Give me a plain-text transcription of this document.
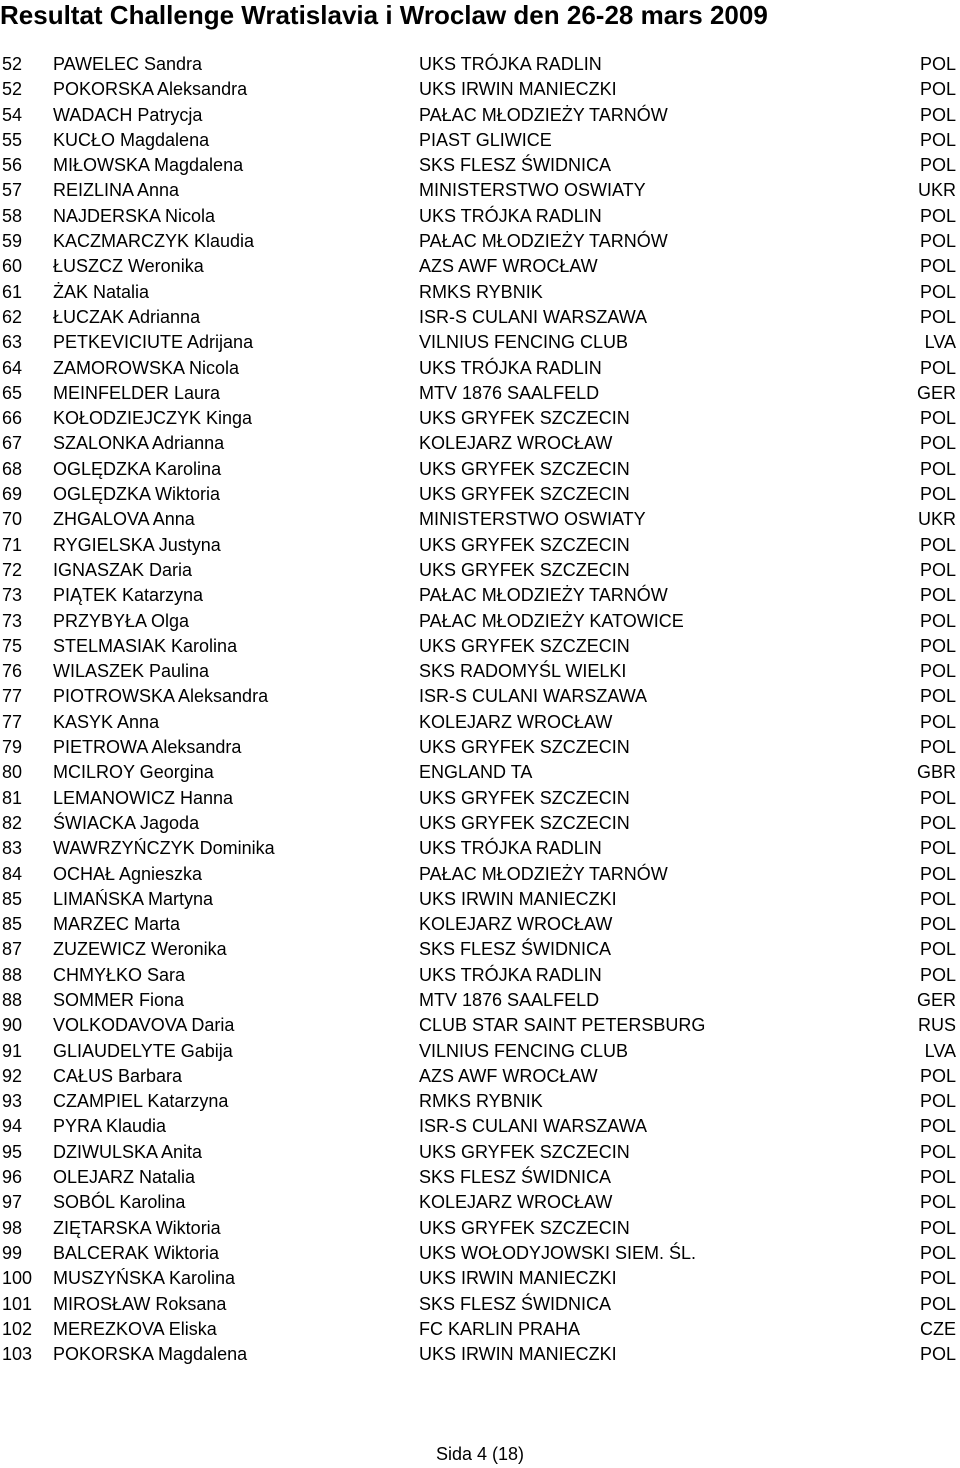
Resultat Challenge Wratislavia i Wroclaw den 26-28 mars 2009
52 PAWELEC Sandra	UKS TRÓJKA RADLIN	POL
52 POKORSKA Aleksandra	UKS IRWIN MANIECZKI	POL
54 WADACH Patrycja	PAŁAC MŁODZIEŻY TARNÓW	POL
55 KUCŁO Magdalena	PIAST GLIWICE	POL
56 MIŁOWSKA Magdalena	SKS FLESZ ŚWIDNICA	POL
57 REIZLINA Anna	MINISTERSTWO OSWIATY	UKR
58 NAJDERSKA Nicola	UKS TRÓJKA RADLIN	POL
59 KACZMARCZYK Klaudia	PAŁAC MŁODZIEŻY TARNÓW	POL
60 ŁUSZCZ Weronika	AZS AWF WROCŁAW	POL
61 ŻAK Natalia	RMKS RYBNIK	POL
62 ŁUCZAK Adrianna	ISR-S CULANI WARSZAWA	POL
63 PETKEVICIUTE Adrijana	VILNIUS FENCING CLUB	LVA
64 ZAMOROWSKA Nicola	UKS TRÓJKA RADLIN	POL
65 MEINFELDER Laura	MTV 1876 SAALFELD	GER
66 KOŁODZIEJCZYK Kinga	UKS GRYFEK SZCZECIN	POL
67 SZALONKA Adrianna	KOLEJARZ WROCŁAW	POL
68 OGLĘDZKA Karolina	UKS GRYFEK SZCZECIN	POL
69 OGLĘDZKA Wiktoria	UKS GRYFEK SZCZECIN	POL
70 ZHGALOVA Anna	MINISTERSTWO OSWIATY	UKR
71 RYGIELSKA Justyna	UKS GRYFEK SZCZECIN	POL
72 IGNASZAK Daria	UKS GRYFEK SZCZECIN	POL
73 PIĄTEK Katarzyna	PAŁAC MŁODZIEŻY TARNÓW	POL
73 PRZYBYŁA Olga	PAŁAC MŁODZIEŻY KATOWICE	POL
75 STELMASIAK Karolina	UKS GRYFEK SZCZECIN	POL
76 WILASZEK Paulina	SKS RADOMYŚL WIELKI	POL
77 PIOTROWSKA Aleksandra	ISR-S CULANI WARSZAWA	POL
77 KASYK Anna	KOLEJARZ WROCŁAW	POL
79 PIETROWA Aleksandra	UKS GRYFEK SZCZECIN	POL
80 MCILROY Georgina	ENGLAND TA	GBR
81 LEMANOWICZ Hanna	UKS GRYFEK SZCZECIN	POL
82 ŚWIACKA Jagoda	UKS GRYFEK SZCZECIN	POL
83 WAWRZYŃCZYK Dominika	UKS TRÓJKA RADLIN	POL
84 OCHAŁ Agnieszka	PAŁAC MŁODZIEŻY TARNÓW	POL
85 LIMAŃSKA Martyna	UKS IRWIN MANIECZKI	POL
85 MARZEC Marta	KOLEJARZ WROCŁAW	POL
87 ZUZEWICZ Weronika	SKS FLESZ ŚWIDNICA	POL
88 CHMYŁKO Sara	UKS TRÓJKA RADLIN	POL
88 SOMMER Fiona	MTV 1876 SAALFELD	GER
90 VOLKODAVOVA Daria	CLUB STAR SAINT PETERSBURG	RUS
91 GLIAUDELYTE Gabija	VILNIUS FENCING CLUB	LVA
92 CAŁUS Barbara	AZS AWF WROCŁAW	POL
93 CZAMPIEL Katarzyna	RMKS RYBNIK	POL
94 PYRA Klaudia	ISR-S CULANI WARSZAWA	POL
95 DZIWULSKA Anita	UKS GRYFEK SZCZECIN	POL
96 OLEJARZ Natalia	SKS FLESZ ŚWIDNICA	POL
97 SOBÓL Karolina	KOLEJARZ WROCŁAW	POL
98 ZIĘTARSKA Wiktoria	UKS GRYFEK SZCZECIN	POL
99 BALCERAK Wiktoria	UKS WOŁODYJOWSKI SIEM. ŚL.	POL
100 MUSZYŃSKA Karolina	UKS IRWIN MANIECZKI	POL
101 MIROSŁAW Roksana	SKS FLESZ ŚWIDNICA	POL
102 MEREZKOVA Eliska	FC KARLIN PRAHA	CZE
103 POKORSKA Magdalena	UKS IRWIN MANIECZKI	POL
Sida 4 (18)
